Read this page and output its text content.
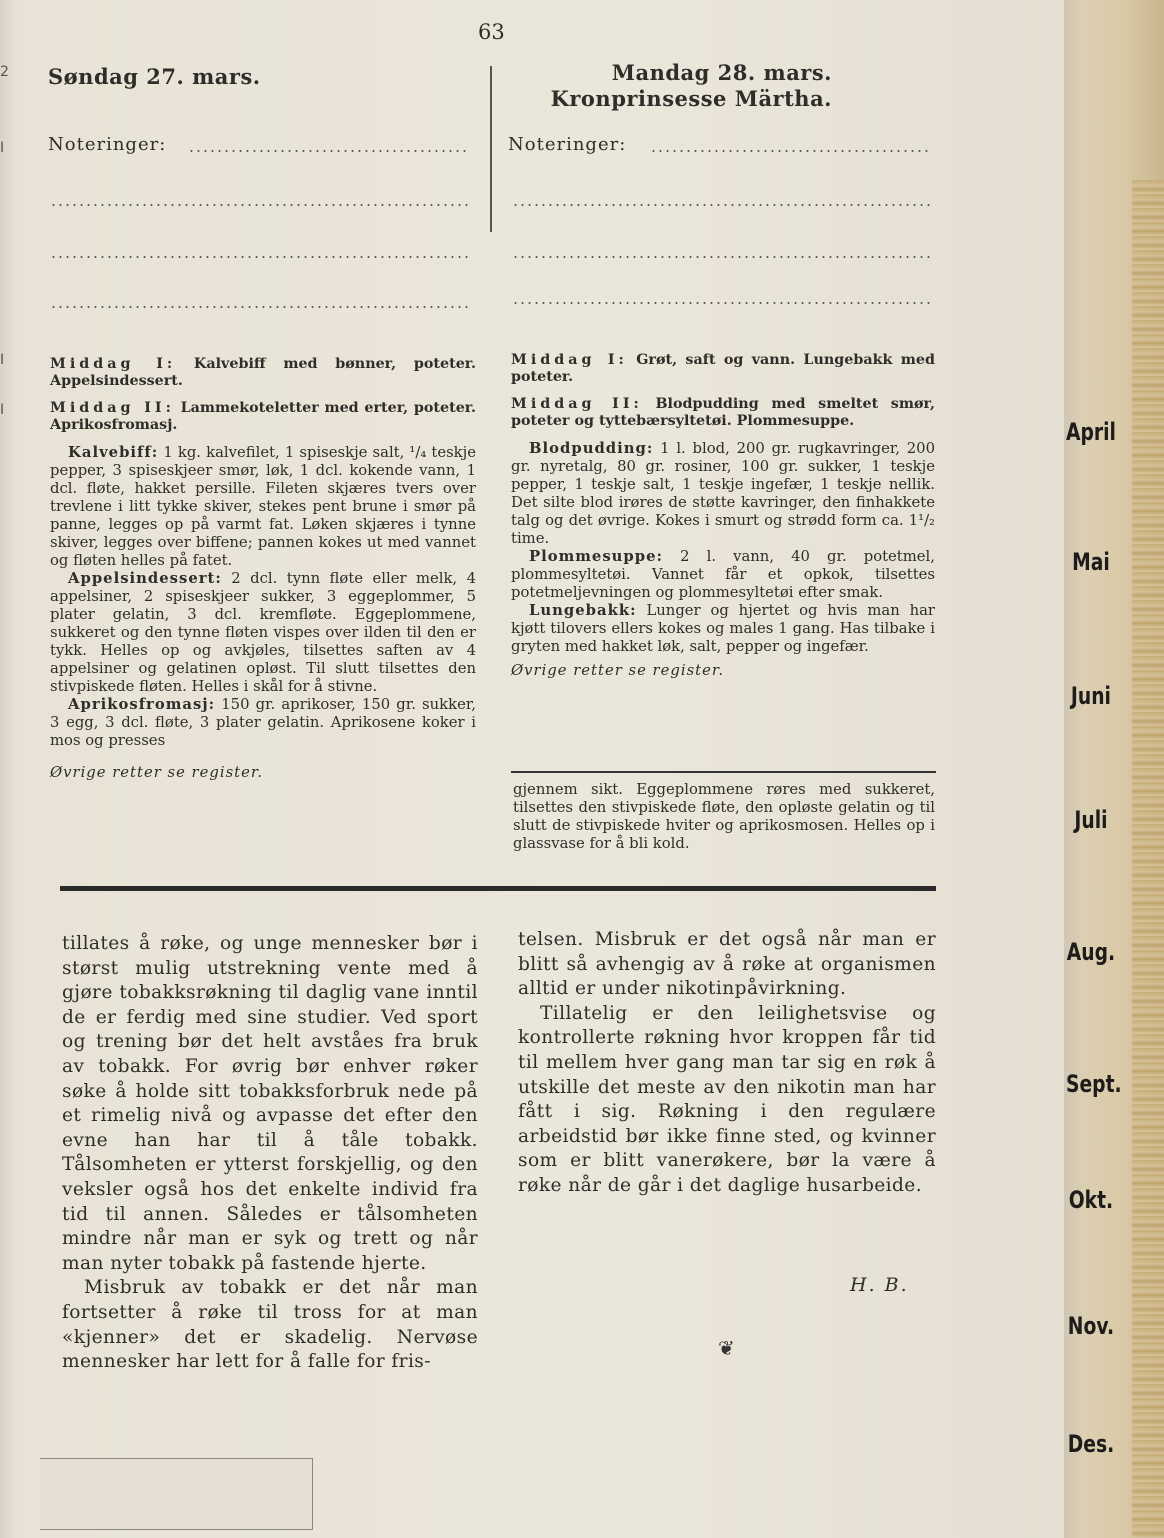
2
I
I
I
63
Søndag 27. mars.	Mandag 28. mars.
Kronprinsesse Märtha.
Noteringer:	Noteringer:

Middag I: Kalvebiff med bønner, poteter. Appelsindessert.

Middag II: Lammekoteletter med erter, poteter. Aprikosfromasj.

Kalvebiff: 1 kg. kalvefilet, 1 spiseskje salt, ¹/₄ teskje pepper, 3 spiseskjeer smør, løk, 1 dcl. kokende vann, 1 dcl. fløte, hakket persille. Fileten skjæres tvers over trevlene i litt tykke skiver, stekes pent brune i smør på panne, legges op på varmt fat. Løken skjæres i tynne skiver, legges over biffene; pannen kokes ut med vannet og fløten helles på fatet.

Appelsindessert: 2 dcl. tynn fløte eller melk, 4 appelsiner, 2 spiseskjeer sukker, 3 eggeplommer, 5 plater gelatin, 3 dcl. kremfløte. Eggeplommene, sukkeret og den tynne fløten vispes over ilden til den er tykk. Helles op og avkjøles, tilsettes saften av 4 appelsiner og gelatinen opløst. Til slutt tilsettes den stivpiskede fløten. Helles i skål for å stivne.

Aprikosfromasj: 150 gr. aprikoser, 150 gr. sukker, 3 egg, 3 dcl. fløte, 3 plater gelatin. Aprikosene koker i mos og presses

Øvrige retter se register.

Middag I: Grøt, saft og vann. Lungebakk med poteter.

Middag II: Blodpudding med smeltet smør, poteter og tyttebærsyltetøi. Plommesuppe.

Blodpudding: 1 l. blod, 200 gr. rugkavringer, 200 gr. nyretalg, 80 gr. rosiner, 100 gr. sukker, 1 teskje pepper, 1 teskje salt, 1 teskje ingefær, 1 teskje nellik. Det silte blod irøres de støtte kavringer, den finhakkete talg og det øvrige. Kokes i smurt og strødd form ca. 1¹/₂ time.

Plommesuppe: 2 l. vann, 40 gr. potetmel, plommesyltetøi. Vannet får et opkok, tilsettes potetmeljevningen og plommesyltetøi efter smak.

Lungebakk: Lunger og hjertet og hvis man har kjøtt tilovers ellers kokes og males 1 gang. Has tilbake i gryten med hakket løk, salt, pepper og ingefær.

Øvrige retter se register.

gjennem sikt. Eggeplommene røres med sukkeret, tilsettes den stivpiskede fløte, den opløste gelatin og til slutt de stivpiskede hviter og aprikosmosen. Helles op i glassvase for å bli kold.

tillates å røke, og unge mennesker bør i størst mulig utstrekning vente med å gjøre tobakksrøkning til daglig vane inntil de er ferdig med sine studier. Ved sport og trening bør det helt avståes fra bruk av tobakk. For øvrig bør enhver røker søke å holde sitt tobakksforbruk nede på et rimelig nivå og avpasse det efter den evne han har til å tåle tobakk. Tålsomheten er ytterst forskjellig, og den veksler også hos det enkelte individ fra tid til annen. Således er tålsomheten mindre når man er syk og trett og når man nyter tobakk på fastende hjerte.

Misbruk av tobakk er det når man fortsetter å røke til tross for at man «kjenner» det er skadelig. Nervøse mennesker har lett for å falle for fris-

telsen. Misbruk er det også når man er blitt så avhengig av å røke at organismen alltid er under nikotinpåvirkning.

Tillatelig er den leilighetsvise og kontrollerte røkning hvor kroppen får tid til mellem hver gang man tar sig en røk å utskille det meste av den nikotin man har fått i sig. Røkning i den regulære arbeidstid bør ikke finne sted, og kvinner som er blitt vanerøkere, bør la være å røke når de går i det daglige husarbeide.

H. B.
❦
April
Mai
Juni
Juli
Aug.
Sept.
Okt.
Nov.
Des.
